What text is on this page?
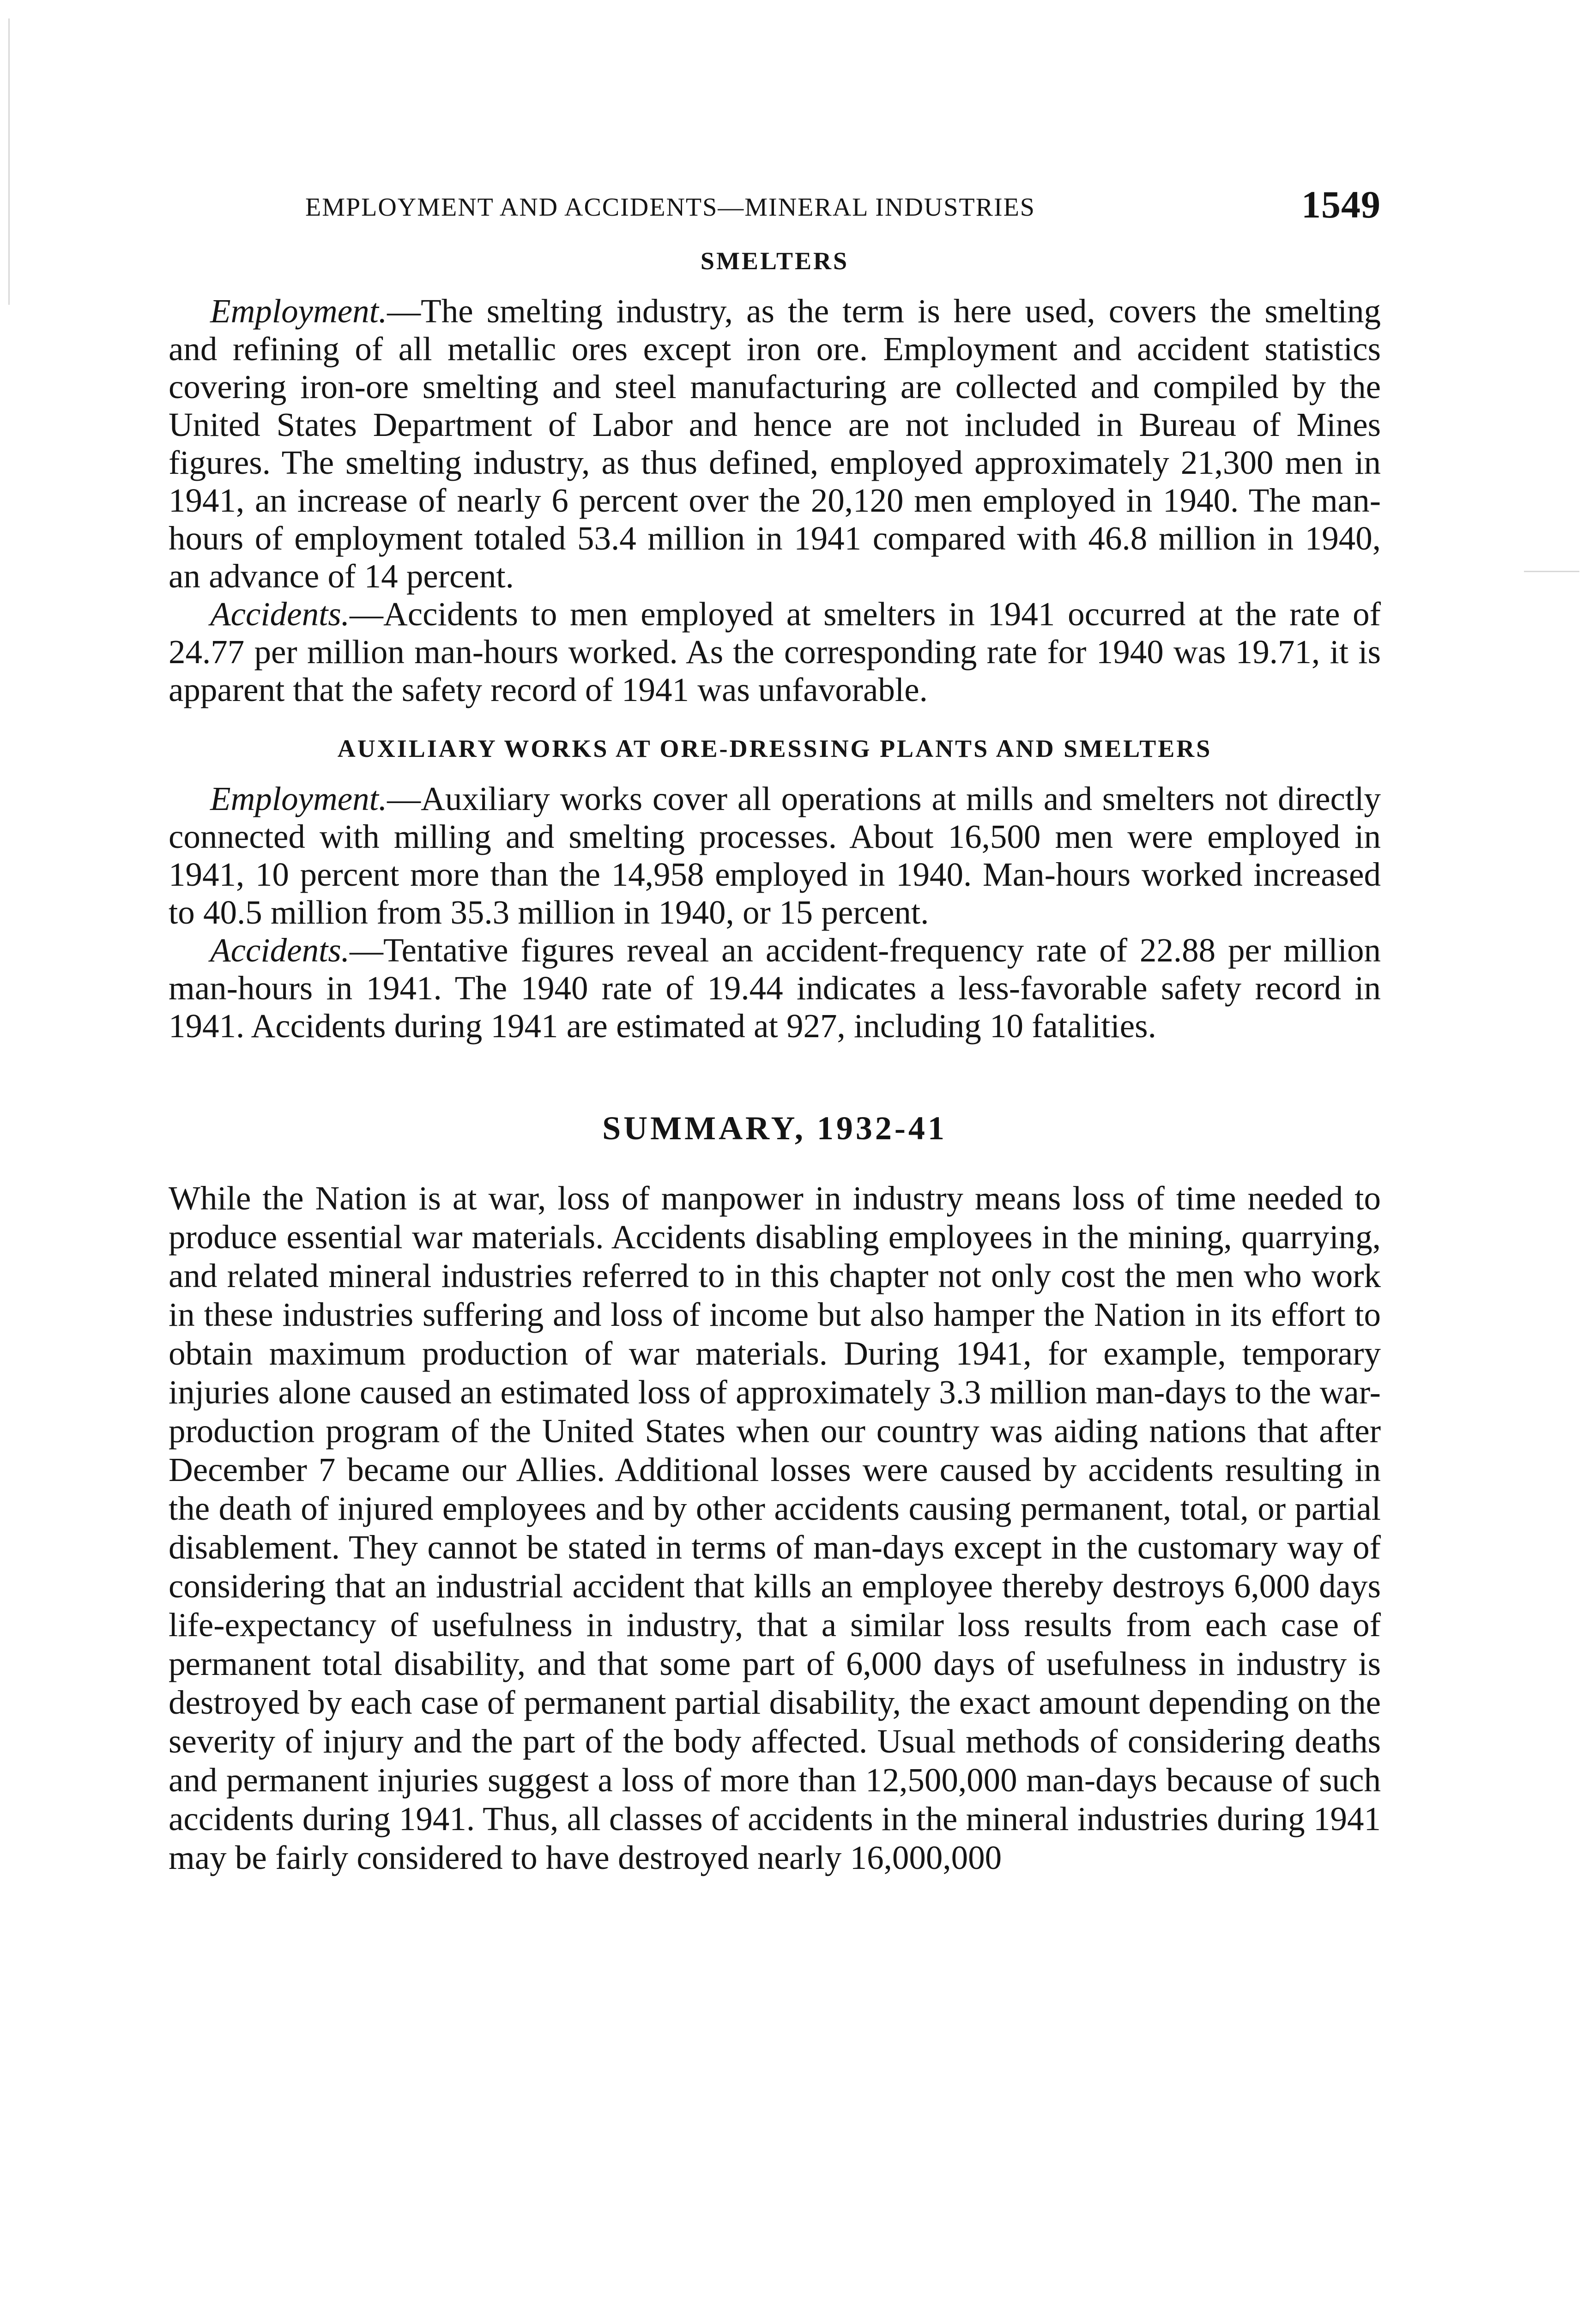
EMPLOYMENT AND ACCIDENTS—MINERAL INDUSTRIES	1549
SMELTERS

Employment.—The smelting industry, as the term is here used, covers the smelting and refining of all metallic ores except iron ore. Employment and accident statistics covering iron-ore smelting and steel manufacturing are collected and compiled by the United States Department of Labor and hence are not included in Bureau of Mines figures. The smelting industry, as thus defined, employed approximately 21,300 men in 1941, an increase of nearly 6 percent over the 20,120 men employed in 1940. The man-hours of employment totaled 53.4 million in 1941 compared with 46.8 million in 1940, an advance of 14 percent.

Accidents.—Accidents to men employed at smelters in 1941 occurred at the rate of 24.77 per million man-hours worked. As the corresponding rate for 1940 was 19.71, it is apparent that the safety record of 1941 was unfavorable.

AUXILIARY WORKS AT ORE-DRESSING PLANTS AND SMELTERS

Employment.—Auxiliary works cover all operations at mills and smelters not directly connected with milling and smelting processes. About 16,500 men were employed in 1941, 10 percent more than the 14,958 employed in 1940. Man-hours worked increased to 40.5 million from 35.3 million in 1940, or 15 percent.

Accidents.—Tentative figures reveal an accident-frequency rate of 22.88 per million man-hours in 1941. The 1940 rate of 19.44 indicates a less-favorable safety record in 1941. Accidents during 1941 are estimated at 927, including 10 fatalities.

SUMMARY, 1932-41

While the Nation is at war, loss of manpower in industry means loss of time needed to produce essential war materials. Accidents disabling employees in the mining, quarrying, and related mineral industries referred to in this chapter not only cost the men who work in these industries suffering and loss of income but also hamper the Nation in its effort to obtain maximum production of war materials. During 1941, for example, temporary injuries alone caused an estimated loss of approximately 3.3 million man-days to the war-production program of the United States when our country was aiding nations that after December 7 became our Allies. Additional losses were caused by accidents resulting in the death of injured employees and by other accidents causing permanent, total, or partial disablement. They cannot be stated in terms of man-days except in the customary way of considering that an industrial accident that kills an employee thereby destroys 6,000 days life-expectancy of usefulness in industry, that a similar loss results from each case of permanent total disability, and that some part of 6,000 days of usefulness in industry is destroyed by each case of permanent partial disability, the exact amount depending on the severity of injury and the part of the body affected. Usual methods of considering deaths and permanent injuries suggest a loss of more than 12,500,000 man-days because of such accidents during 1941. Thus, all classes of accidents in the mineral industries during 1941 may be fairly considered to have destroyed nearly 16,000,000
